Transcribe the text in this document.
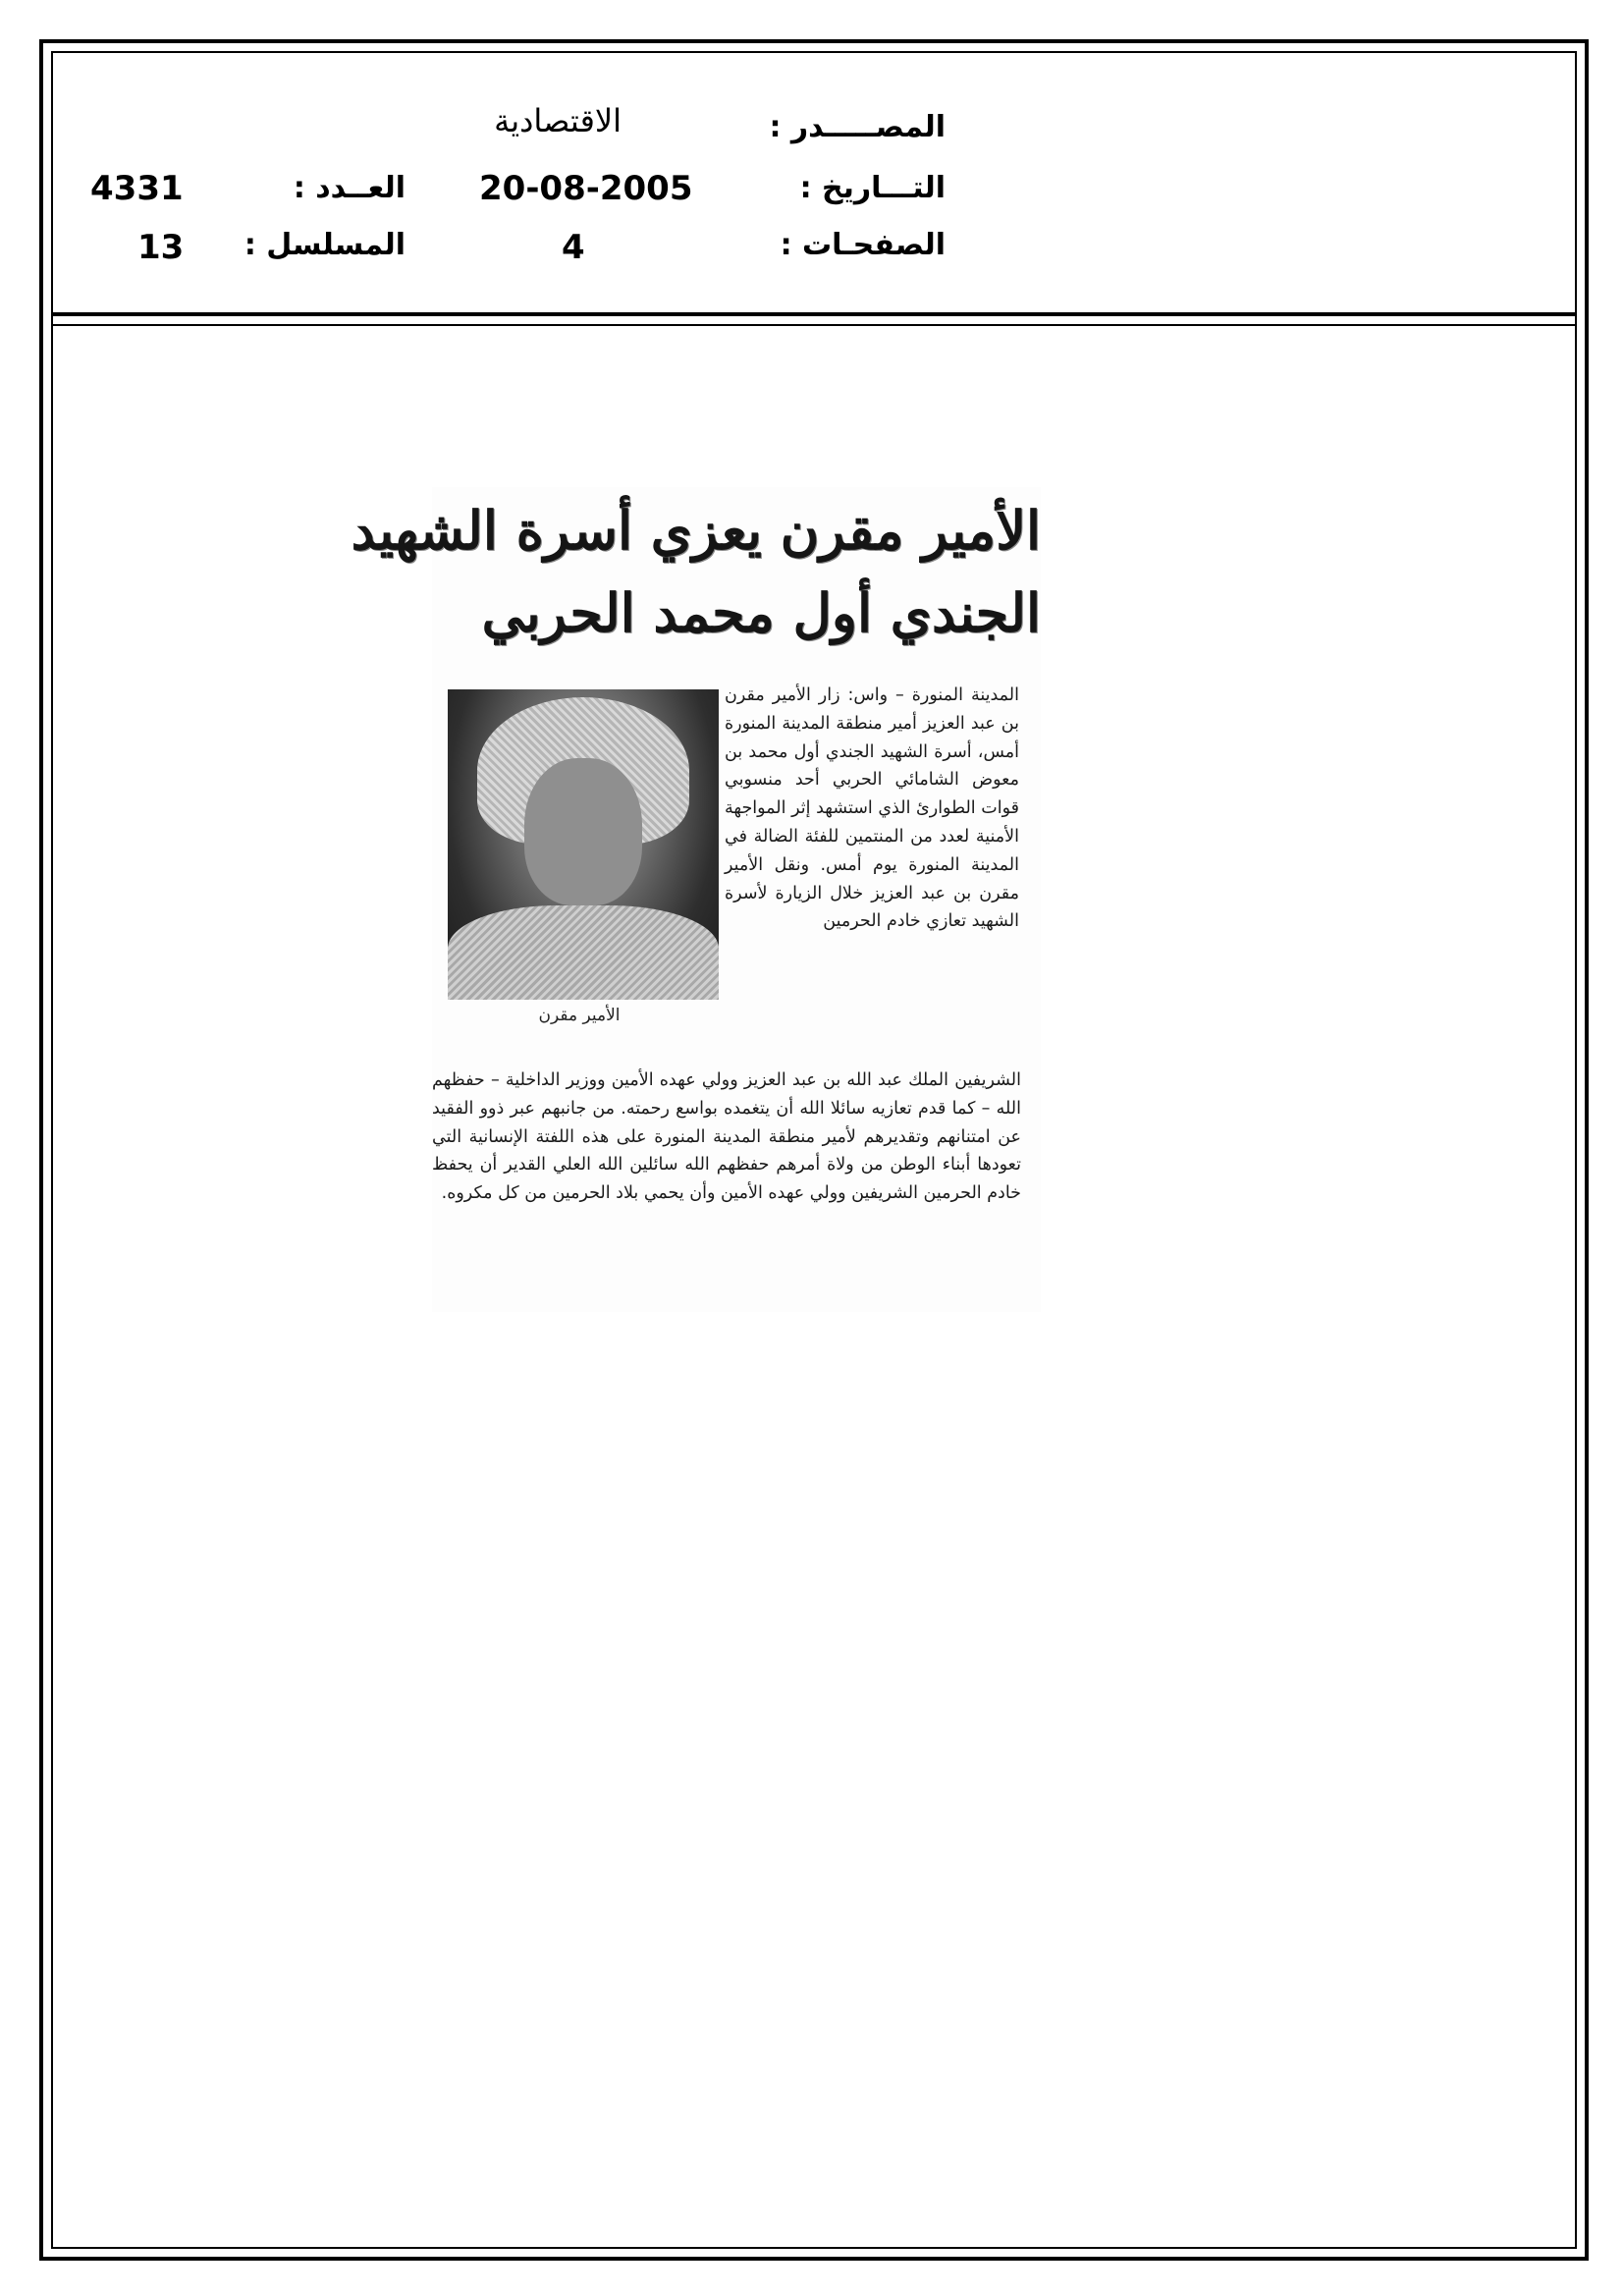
المصـــــدر :
الاقتصادية
التـــاريخ :
20-08-2005
العــدد :
4331
الصفحـات :
4
المسلسل :
13
الأمير مقرن يعزي أسرة الشهيد
الجندي أول محمد الحربي
الأمير مقرن
المدينة المنورة – واس: زار الأمير مقرن بن عبد العزيز أمير منطقة المدينة المنورة أمس، أسرة الشهيد الجندي أول محمد بن معوض الشامائي الحربي أحد منسوبي قوات الطوارئ الذي استشهد إثر المواجهة الأمنية لعدد من المنتمين للفئة الضالة في المدينة المنورة يوم أمس. ونقل الأمير مقرن بن عبد العزيز خلال الزيارة لأسرة الشهيد تعازي خادم الحرمين
الشريفين الملك عبد الله بن عبد العزيز وولي عهده الأمين ووزير الداخلية – حفظهم الله – كما قدم تعازيه سائلا الله أن يتغمده بواسع رحمته. من جانبهم عبر ذوو الفقيد عن امتنانهم وتقديرهم لأمير منطقة المدينة المنورة على هذه اللفتة الإنسانية التي تعودها أبناء الوطن من ولاة أمرهم حفظهم الله سائلين الله العلي القدير أن يحفظ خادم الحرمين الشريفين وولي عهده الأمين وأن يحمي بلاد الحرمين من كل مكروه.
